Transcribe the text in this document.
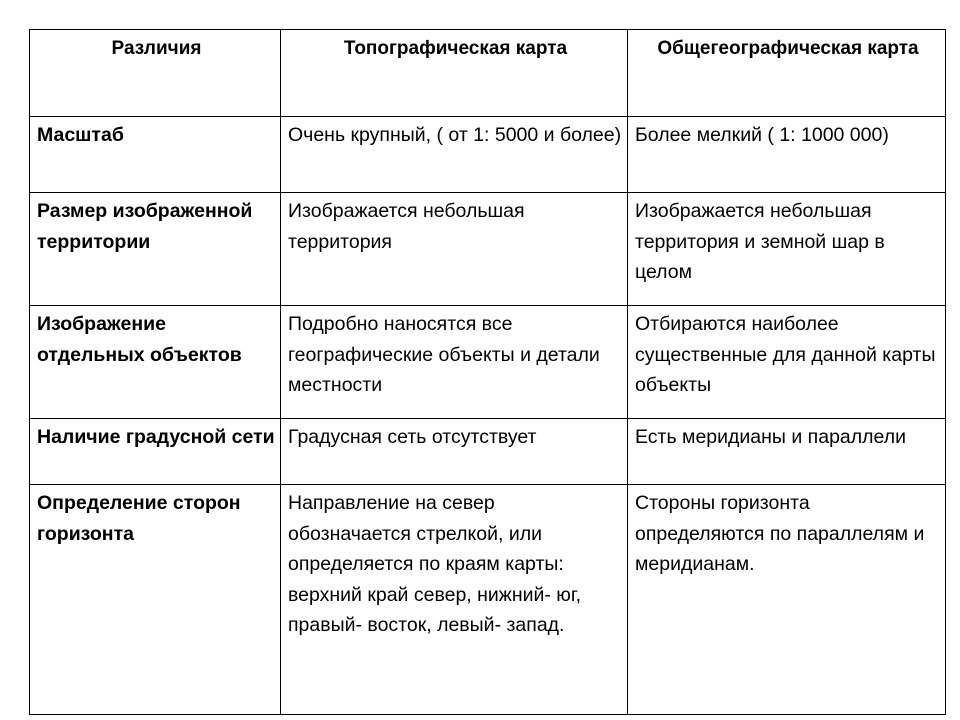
Различия	Топографическая карта	Общегеографическая карта
Масштаб	Очень крупный, ( от 1: 5000 и более)	Более мелкий ( 1: 1000 000)
Размер изображенной территории	Изображается небольшая территория	Изображается небольшая территория и земной шар в целом
Изображение отдельных объектов	Подробно наносятся все географические объекты и детали местности	Отбираются наиболее существенные для данной карты объекты
Наличие градусной сети	Градусная сеть отсутствует	Есть меридианы и параллели
Определение сторон горизонта	Направление на север обозначается стрелкой, или определяется по краям карты: верхний край север, нижний- юг, правый- восток, левый- запад.	Стороны горизонта определяются по параллелям и меридианам.
